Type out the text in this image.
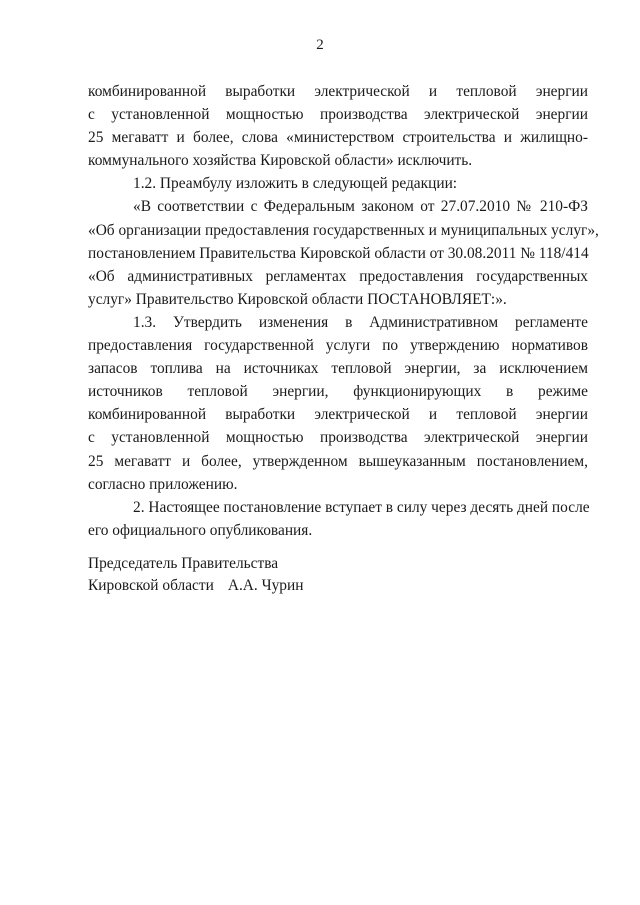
2

комбинированной выработки электрической и тепловой энергии
с установленной мощностью производства электрической энергии
25 мегаватт и более, слова «министерством строительства и жилищно-
коммунального хозяйства Кировской области» исключить.

1.2. Преамбулу изложить в следующей редакции:

«В соответствии с Федеральным законом от 27.07.2010 № 210-ФЗ
«Об организации предоставления государственных и муниципальных услуг»,
постановлением Правительства Кировской области от 30.08.2011 № 118/414
«Об административных регламентах предоставления государственных
услуг» Правительство Кировской области ПОСТАНОВЛЯЕТ:».

1.3. Утвердить изменения в Административном регламенте
предоставления государственной услуги по утверждению нормативов
запасов топлива на источниках тепловой энергии, за исключением
источников тепловой энергии, функционирующих в режиме
комбинированной выработки электрической и тепловой энергии
с установленной мощностью производства электрической энергии
25 мегаватт и более, утвержденном вышеуказанным постановлением,
согласно приложению.

2. Настоящее постановление вступает в силу через десять дней после
его официального опубликования.

Председатель Правительства
Кировской области А.А. Чурин
